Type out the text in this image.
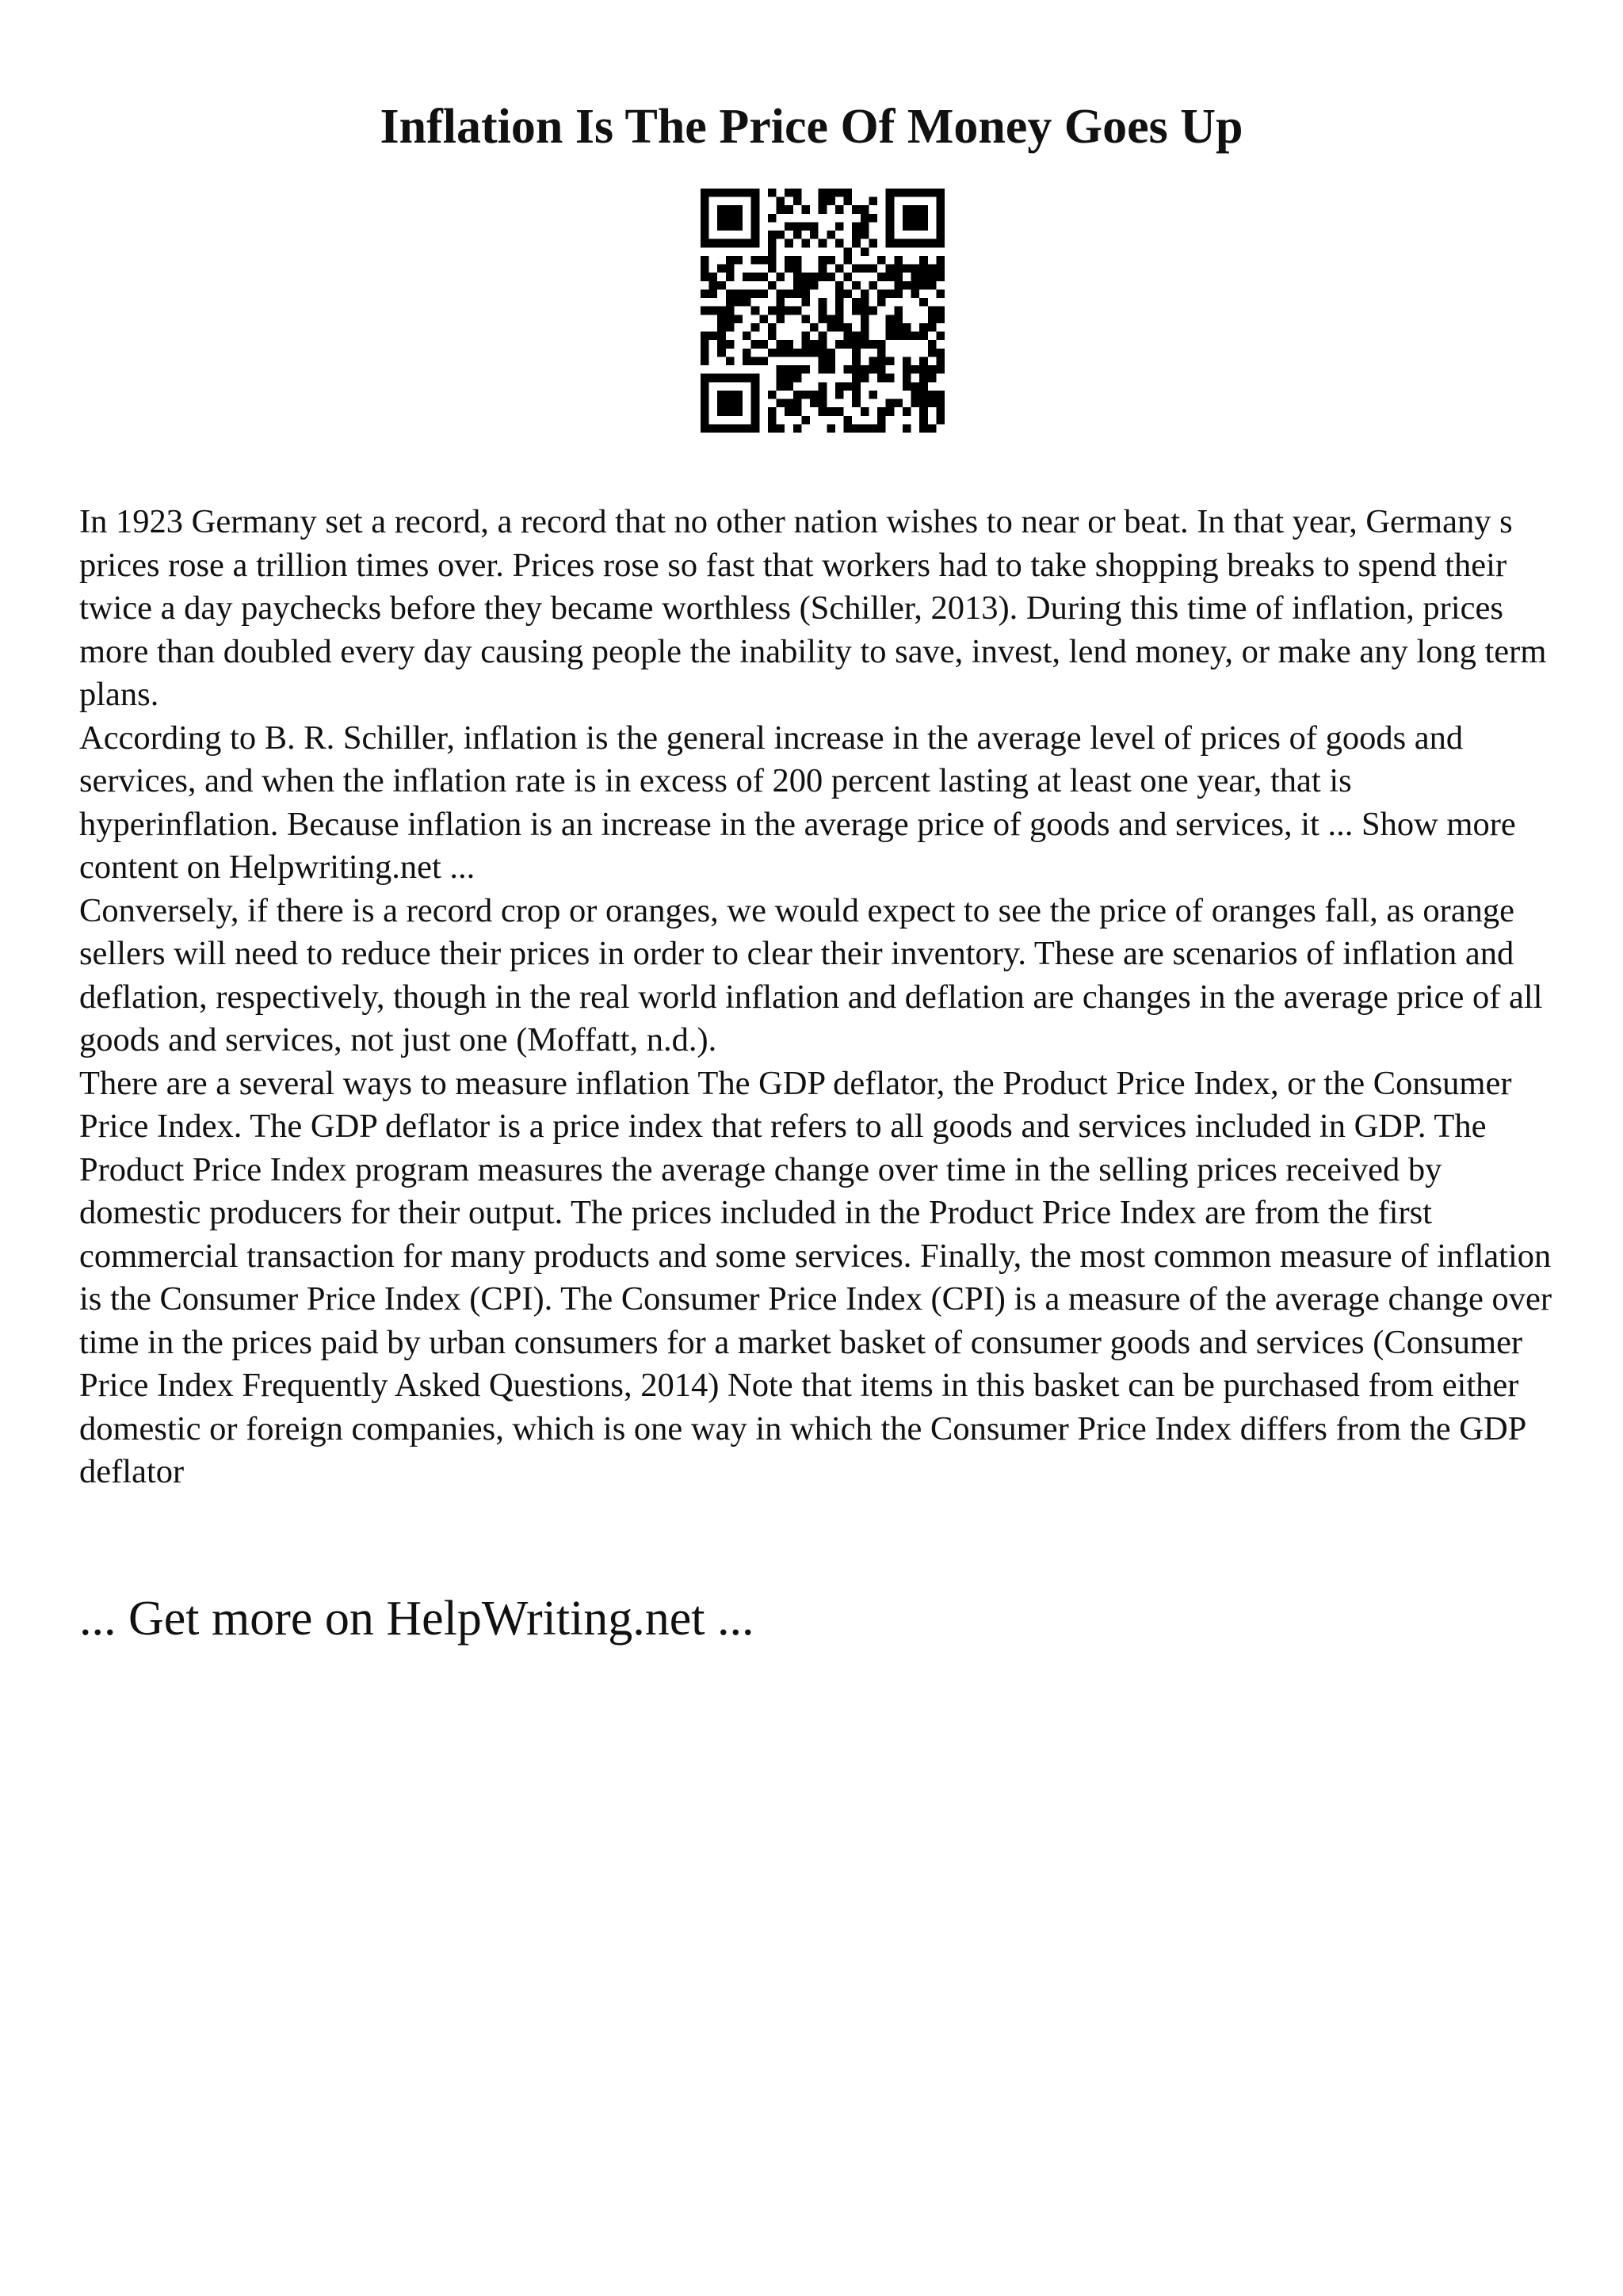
Inflation Is The Price Of Money Goes Up

In 1923 Germany set a record, a record that no other nation wishes to near or beat. In that year, Germany s prices rose a trillion times over. Prices rose so fast that workers had to take shopping breaks to spend their twice a day paychecks before they became worthless (Schiller, 2013). During this time of inflation, prices more than doubled every day causing people the inability to save, invest, lend money, or make any long term plans.

According to B. R. Schiller, inflation is the general increase in the average level of prices of goods and services, and when the inflation rate is in excess of 200 percent lasting at least one year, that is hyperinflation. Because inflation is an increase in the average price of goods and services, it ... Show more content on Helpwriting.net ...

Conversely, if there is a record crop or oranges, we would expect to see the price of oranges fall, as orange sellers will need to reduce their prices in order to clear their inventory. These are scenarios of inflation and deflation, respectively, though in the real world inflation and deflation are changes in the average price of all goods and services, not just one (Moffatt, n.d.).

There are a several ways to measure inflation The GDP deflator, the Product Price Index, or the Consumer Price Index. The GDP deflator is a price index that refers to all goods and services included in GDP. The Product Price Index program measures the average change over time in the selling prices received by domestic producers for their output. The prices included in the Product Price Index are from the first commercial transaction for many products and some services. Finally, the most common measure of inflation is the Consumer Price Index (CPI). The Consumer Price Index (CPI) is a measure of the average change over time in the prices paid by urban consumers for a market basket of consumer goods and services (Consumer Price Index Frequently Asked Questions, 2014) Note that items in this basket can be purchased from either domestic or foreign companies, which is one way in which the Consumer Price Index differs from the GDP deflator

... Get more on HelpWriting.net ...
